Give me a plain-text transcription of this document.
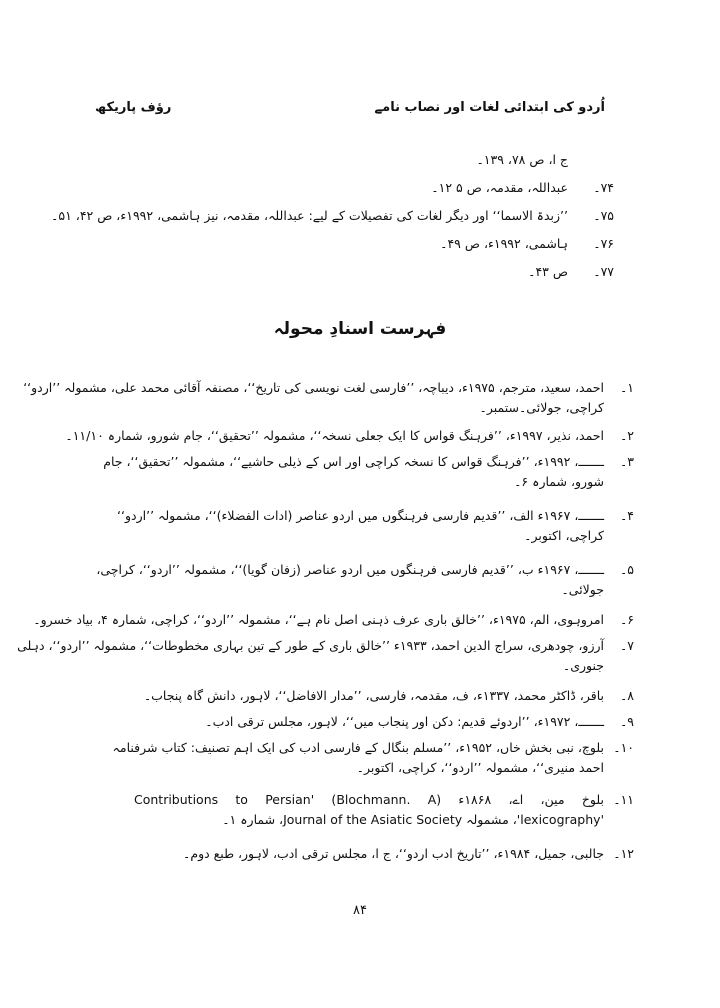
اُردو کی ابتدائی لغات اور نصاب نامے
رؤف پاریکھ
ج ا، ص ۷۸، ۱۳۹۔
۷۴۔
عبداللہ، مقدمہ، ص ۵ ۱۲۔
۷۵۔
’’زبدۃ الاسما‘‘ اور دیگر لغات کی تفصیلات کے لیے: عبداللہ، مقدمہ، نیز ہاشمی، ۱۹۹۲ء، ص ۴۲، ۵۱۔
۷۶۔
ہاشمی، ۱۹۹۲ء، ص ۴۹۔
۷۷۔
ص ۴۳۔
فہرست اسنادِ محولہ
۱۔
احمد، سعید، مترجم، ۱۹۷۵ء، دیباچہ، ’’فارسی لغت نویسی کی تاریخ‘‘، مصنفہ آقائی محمد علی، مشمولہ ’’اردو‘‘
کراچی، جولائی۔ستمبر۔
۲۔
احمد، نذیر، ۱۹۹۷ء، ’’فرہنگ قواس کا ایک جعلی نسخہ‘‘، مشمولہ ’’تحقیق‘‘، جام شورو، شمارہ ۱۱/۱۰۔
۳۔
ـــــــ، ۱۹۹۲ء، ’’فرہنگ قواس کا نسخہ کراچی اور اس کے ذیلی حاشیے‘‘، مشمولہ ’’تحقیق‘‘، جام
شورو، شمارہ ۶۔
۴۔
ـــــــ، ۱۹۶۷ء الف، ’’قدیم فارسی فرہنگوں میں اردو عناصر (ادات الفضلاء)‘‘، مشمولہ ’’اردو‘‘
کراچی، اکتوبر۔
۵۔
ـــــــ، ۱۹۶۷ء ب، ’’قدیم فارسی فرہنگوں میں اردو عناصر (زفان گویا)‘‘، مشمولہ ’’اردو‘‘، کراچی،
جولائی۔
۶۔
امروہوی، الم، ۱۹۷۵ء، ’’خالق باری عرف ذہنی اصل نام ہے‘‘، مشمولہ ’’اردو‘‘، کراچی، شمارہ ۴، بیاد خسرو۔
۷۔
آرزو، چودھری، سراج الدین احمد، ۱۹۳۳ء ’’خالق باری کے طور کے تین بہاری مخطوطات‘‘، مشمولہ ’’اردو‘‘، دہلی
جنوری۔
۸۔
باقر، ڈاکٹر محمد، ۱۳۳۷ء، ف، مقدمہ، فارسی، ’’مدار الافاضل‘‘، لاہور، دانش گاہ پنجاب۔
۹۔
ـــــــ، ۱۹۷۲ء، ’’اردوئے قدیم: دکن اور پنجاب میں‘‘، لاہور، مجلس ترقی ادب۔
۱۰۔
بلوچ، نبی بخش خاں، ۱۹۵۲ء، ’’مسلم بنگال کے فارسی ادب کی ایک اہم تصنیف: کتاب شرفنامہ
احمد منیری‘‘، مشمولہ ’’اردو‘‘، کراچی، اکتوبر۔
۱۱۔
بلوخ مین، اے، ۱۸۶۸ء (Blochmann. A) 'Contributions to Persian
'lexicography'، مشمولہ Journal of the Asiatic Society، شمارہ ۱۔
۱۲۔
جالبی، جمیل، ۱۹۸۴ء، ’’تاریخ ادب اردو‘‘، ج ا، مجلس ترقی ادب، لاہور، طبع دوم۔
۸۴
